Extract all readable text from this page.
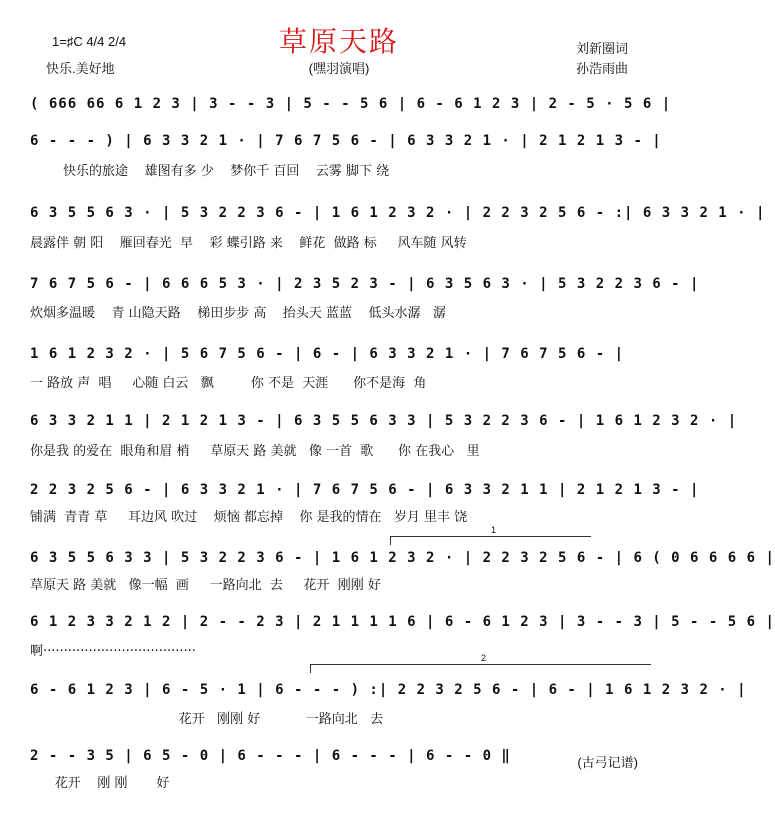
草原天路
(嘿羽演唱)
1=♯C 4/4 2/4
快乐.美好地
刘新圈词
孙浩雨曲
( 666 66 6 1 2 3 | 3 - - 3 | 5 - - 5 6 | 6 - 6 1 2 3 | 2 - 5 · 5 6 |
6 - - - ) | 6 3 3 2 1 · | 7 6 7 5 6 - | 6 3 3 2 1 · | 2 1 2 1 3 - |
快乐的旅途    雄图有多 少    梦你千 百回    云雾 脚下 绕
6 3 5 5 6 3 · | 5 3 2 2 3 6 - | 1 6 1 2 3 2 · | 2 2 3 2 5 6 - :| 6 3 3 2 1 · |
晨露伴 朝 阳    雁回春光  早    彩 蝶引路 来    鲜花  做路 标     风车随 风转
7 6 7 5 6 - | 6 6 6 5 3 · | 2 3 5 2 3 - | 6 3 5 6 3 · | 5 3 2 2 3 6 - |
炊烟多温暖    青 山隐天路    梯田步步 高    抬头天 蓝蓝    低头水潺   潺
1 6 1 2 3 2 · | 5 6 7 5 6 - | 6 - | 6 3 3 2 1 · | 7 6 7 5 6 - |
一 路放 声  唱     心随 白云   飘         你 不是  天涯      你不是海  角
6 3 3 2 1 1 | 2 1 2 1 3 - | 6 3 5 5 6 3 3 | 5 3 2 2 3 6 - | 1 6 1 2 3 2 · |
你是我 的爱在  眼角和眉 梢     草原天 路 美就   像 一首  歌      你 在我心   里
2 2 3 2 5 6 - | 6 3 3 2 1 · | 7 6 7 5 6 - | 6 3 3 2 1 1 | 2 1 2 1 3 - |
铺满  青青 草     耳边风 吹过    烦恼 都忘掉    你 是我的情在   岁月 里丰 饶
1
6 3 5 5 6 3 3 | 5 3 2 2 3 6 - | 1 6 1 2 3 2 · | 2 2 3 2 5 6 - | 6 ( 0 6 6 6 6 |
草原天 路 美就   像一幅  画     一路向北  去     花开  刚刚 好
6 1 2 3 3 2 1 2 | 2 - - 2 3 | 2 1 1 1 1 6 | 6 - 6 1 2 3 | 3 - - 3 | 5 - - 5 6 |
啊·····································	2
6 - 6 1 2 3 | 6 - 5 · 1 | 6 - - - ) :| 2 2 3 2 5 6 - | 6 - | 1 6 1 2 3 2 · |
花开   刚刚 好           一路向北   去
2 - - 3 5 | 6 5 - 0 | 6 - - - | 6 - - - | 6 - - 0 ‖
花开    刚 刚       好
(古弓记谱)
